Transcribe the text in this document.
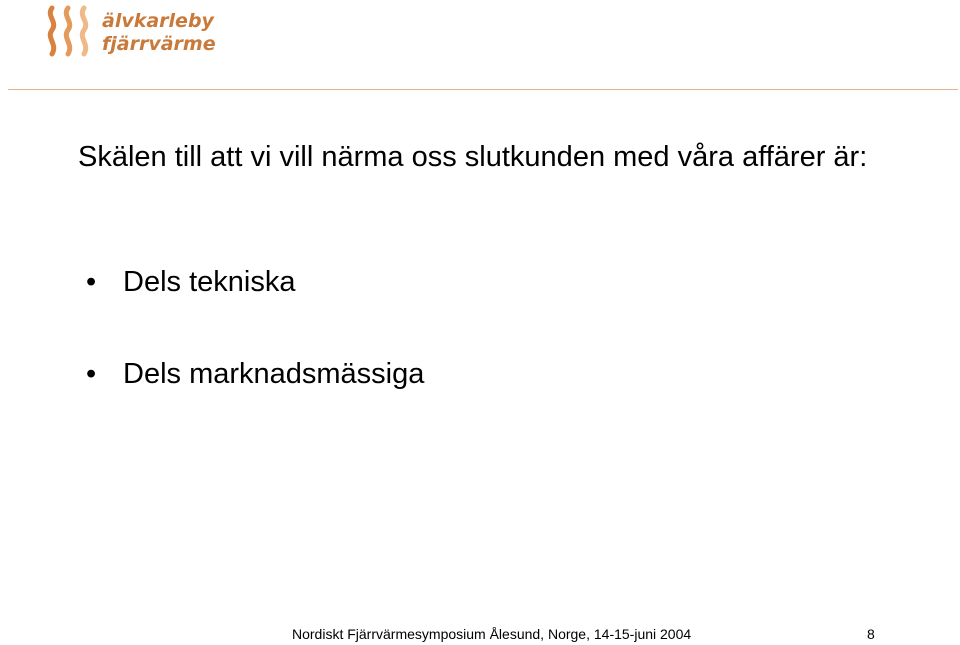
älvkarleby
fjärrvärme
Skälen till att vi vill närma oss slutkunden med våra affärer är:
• Dels tekniska
• Dels marknadsmässiga
Nordiskt Fjärrvärmesymposium Ålesund, Norge, 14-15-juni 2004	8
